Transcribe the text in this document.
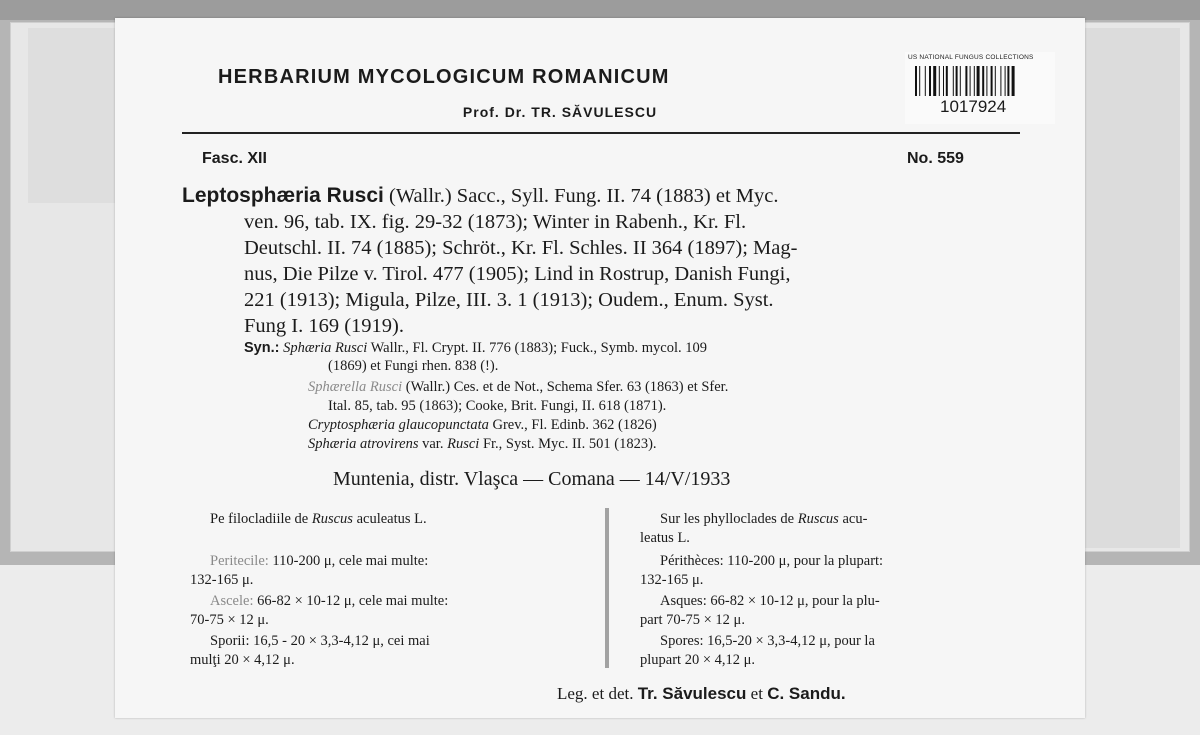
HERBARIUM MYCOLOGICUM ROMANICUM
Prof. Dr. TR. SĂVULESCU
US NATIONAL FUNGUS COLLECTIONS
1017924
Fasc. XII	No. 559
Leptosphæria Rusci (Wallr.) Sacc., Syll. Fung. II. 74 (1883) et Myc.
ven. 96, tab. IX. fig. 29-32 (1873); Winter in Rabenh., Kr. Fl.
Deutschl. II. 74 (1885); Schröt., Kr. Fl. Schles. II 364 (1897); Mag-
nus, Die Pilze v. Tirol. 477 (1905); Lind in Rostrup, Danish Fungi,
221 (1913); Migula, Pilze, III. 3. 1 (1913); Oudem., Enum. Syst.
Fung I. 169 (1919).
Syn.: Sphæria Rusci Wallr., Fl. Crypt. II. 776 (1883); Fuck., Symb. mycol. 109
(1869) et Fungi rhen. 838 (!).
Sphærella Rusci (Wallr.) Ces. et de Not., Schema Sfer. 63 (1863) et Sfer.
Ital. 85, tab. 95 (1863); Cooke, Brit. Fungi, II. 618 (1871).
Cryptosphæria glaucopunctata Grev., Fl. Edinb. 362 (1826)
Sphæria atrovirens var. Rusci Fr., Syst. Myc. II. 501 (1823).
Muntenia, distr. Vlaşca — Comana — 14/V/1933
Pe filocladiile de Ruscus aculeatus L.
Peritecile: 110-200 μ, cele mai multe:
132-165 μ.
Ascele: 66-82 × 10-12 μ, cele mai multe:
70-75 × 12 μ.
Sporii: 16,5 - 20 × 3,3-4,12 μ, cei mai
mulţi 20 × 4,12 μ.
Sur les phylloclades de Ruscus acu-
leatus L.
Périthèces: 110-200 μ, pour la plupart:
132-165 μ.
Asques: 66-82 × 10-12 μ, pour la plu-
part 70-75 × 12 μ.
Spores: 16,5-20 × 3,3-4,12 μ, pour la
plupart 20 × 4,12 μ.
Leg. et det. Tr. Săvulescu et C. Sandu.
